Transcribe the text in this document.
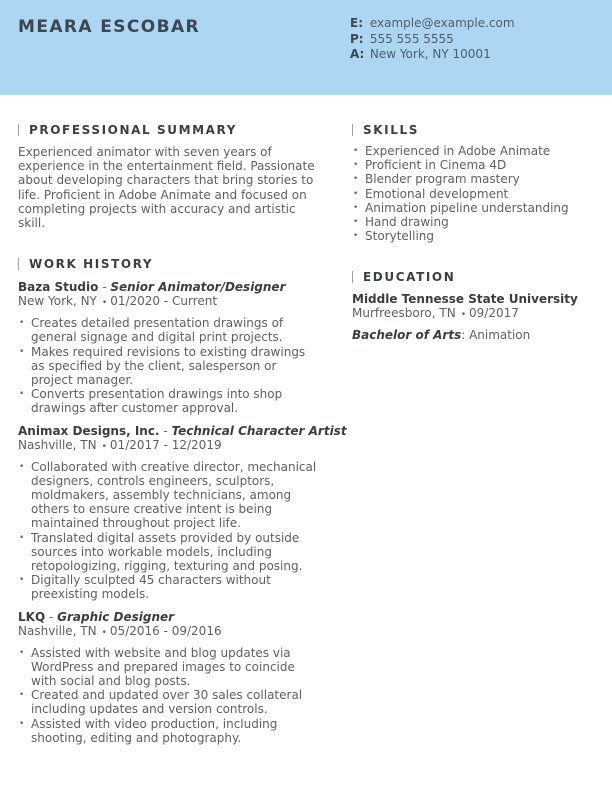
MEARA ESCOBAR	E: example@example.com
P: 555 555 5555
A: New York, NY 10001
PROFESSIONAL SUMMARY

Experienced animator with seven years of experience in the entertainment field. Passionate about developing characters that bring stories to life. Proficient in Adobe Animate and focused on completing projects with accuracy and artistic skill.

WORK HISTORY
Baza Studio - Senior Animator/Designer
New York, NY • 01/2020 - Current
• Creates detailed presentation drawings of general signage and digital print projects.
• Makes required revisions to existing drawings as specified by the client, salesperson or project manager.
• Converts presentation drawings into shop drawings after customer approval.
Animax Designs, Inc. - Technical Character Artist
Nashville, TN • 01/2017 - 12/2019
• Collaborated with creative director, mechanical designers, controls engineers, sculptors, moldmakers, assembly technicians, among others to ensure creative intent is being maintained throughout project life.
• Translated digital assets provided by outside sources into workable models, including retopologizing, rigging, texturing and posing.
• Digitally sculpted 45 characters without preexisting models.
LKQ - Graphic Designer
Nashville, TN • 05/2016 - 09/2016
• Assisted with website and blog updates via WordPress and prepared images to coincide with social and blog posts.
• Created and updated over 30 sales collateral including updates and version controls.
• Assisted with video production, including shooting, editing and photography.
SKILLS
• Experienced in Adobe Animate
• Proficient in Cinema 4D
• Blender program mastery
• Emotional development
• Animation pipeline understanding
• Hand drawing
• Storytelling
EDUCATION
Middle Tennesse State University
Murfreesboro, TN • 09/2017
Bachelor of Arts: Animation
